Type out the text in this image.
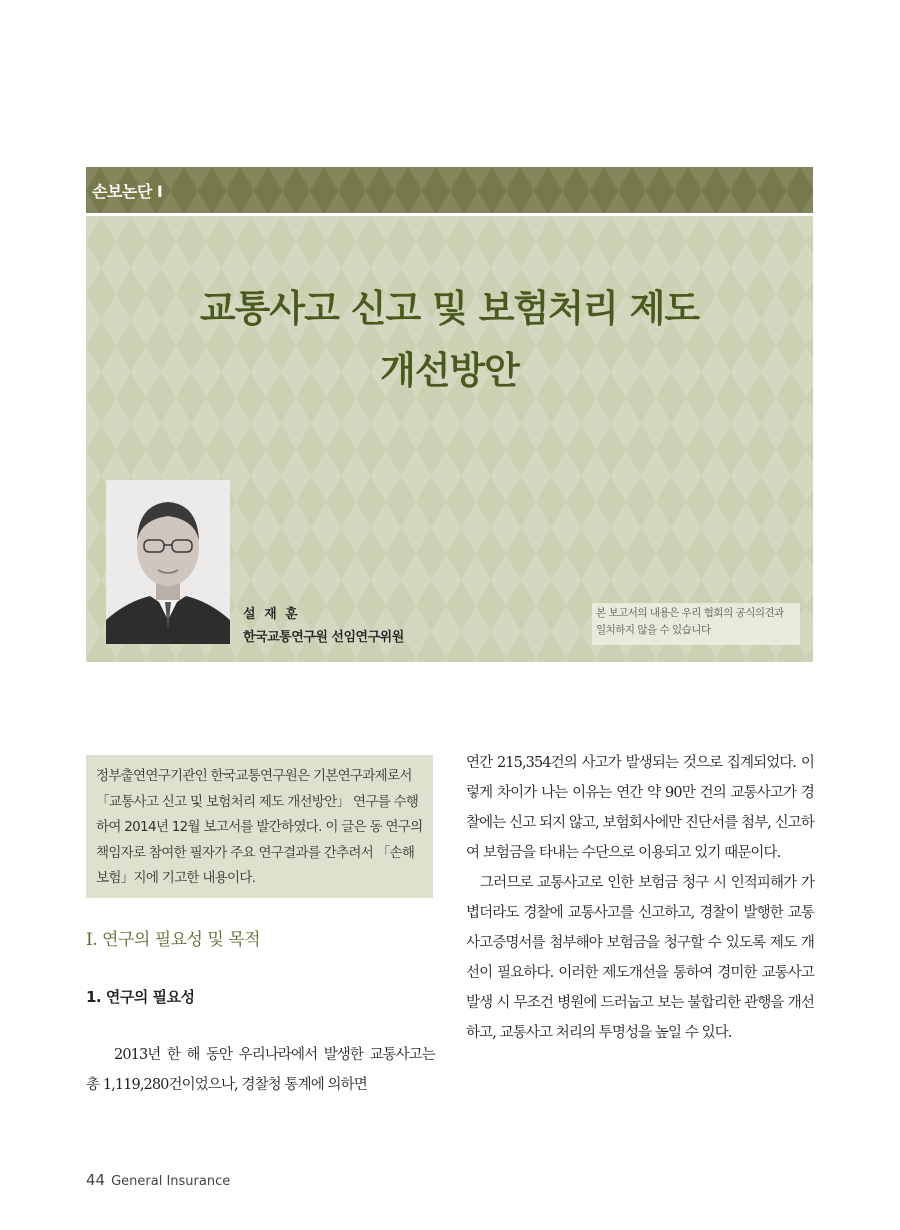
손보논단 Ⅰ
교통사고 신고 및 보험처리 제도
개선방안
설 재 훈
한국교통연구원 선임연구위원
본 보고서의 내용은 우리 협회의 공식의견과
일치하지 않을 수 있습니다

정부출연연구기관인 한국교통연구원은 기본연구과제로서 「교통사고 신고 및 보험처리 제도 개선방안」 연구를 수행하여 2014년 12월 보고서를 발간하였다. 이 글은 동 연구의 책임자로 참여한 필자가 주요 연구결과를 간추려서 「손해보험」지에 기고한 내용이다.

Ⅰ. 연구의 필요성 및 목적
1. 연구의 필요성

2013년 한 해 동안 우리나라에서 발생한 교통사고는 총 1,119,280건이었으나, 경찰청 통계에 의하면

연간 215,354건의 사고가 발생되는 것으로 집계되었다. 이렇게 차이가 나는 이유는 연간 약 90만 건의 교통사고가 경찰에는 신고 되지 않고, 보험회사에만 진단서를 첨부, 신고하여 보험금을 타내는 수단으로 이용되고 있기 때문이다.

그러므로 교통사고로 인한 보험금 청구 시 인적피해가 가볍더라도 경찰에 교통사고를 신고하고, 경찰이 발행한 교통사고증명서를 첨부해야 보험금을 청구할 수 있도록 제도 개선이 필요하다. 이러한 제도개선을 통하여 경미한 교통사고 발생 시 무조건 병원에 드러눕고 보는 불합리한 관행을 개선하고, 교통사고 처리의 투명성을 높일 수 있다.

44 General Insurance
